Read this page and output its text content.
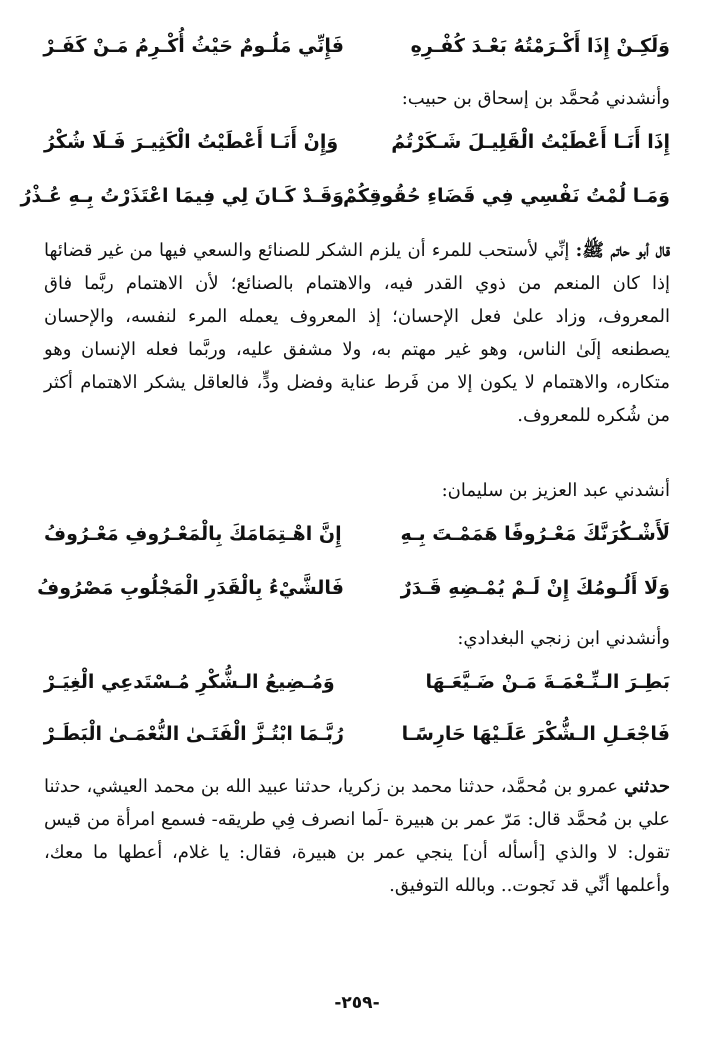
وَلَكِـنْ إِذَا أَكْـرَمْتُهُ بَعْـدَ كُفْـرِهِ
فَإِنِّي مَلُـومٌ حَيْثُ أُكْـرِمُ مَـنْ كَفَـرْ
وأنشدني مُحمَّد بن إسحاق بن حبيب:
إِذَا أَنَـا أَعْطَيْتُ الْقَلِيـلَ شَـكَرْتُمُ
وَإِنْ أَنَـا أَعْطَيْتُ الْكَثِيـرَ فَـلَا شُكْرُ
وَمَـا لُمْتُ نَفْسِي فِي قَضَاءِ حُقُوقِكُمْ
وَقَـدْ كَـانَ لِي فِيمَا اعْتَذَرْتُ بِـهِ عُـذْرُ
قال أبو حاتم ﷺ: إنِّي لأستحب للمرء أن يلزم الشكر للصنائع والسعي فيها من غير قضائها إذا كان المنعم من ذوي القدر فيه، والاهتمام بالصنائع؛ لأن الاهتمام ربَّما فاق المعروف، وزاد علىٰ فعل الإحسان؛ إذ المعروف يعمله المرء لنفسه، والإحسان يصطنعه إلَىٰ الناس، وهو غير مهتم به، ولا مشفق عليه، وربَّما فعله الإنسان وهو متكاره، والاهتمام لا يكون إلا من فَرط عناية وفضل ودٍّ، فالعاقل يشكر الاهتمام أكثر من شُكره للمعروف.
أنشدني عبد العزيز بن سليمان:
لَأَشْـكُرَنَّكَ مَعْـرُوفًا هَمَمْـتَ بِـهِ
إِنَّ اهْـتِمَامَكَ بِالْمَعْـرُوفِ مَعْـرُوفُ
وَلَا أَلُـومُكَ إِنْ لَـمْ يُمْـضِهِ قَـدَرٌ
فَالشَّيْءُ بِالْقَدَرِ الْمَجْلُوبِ مَصْرُوفُ
وأنشدني ابن زنجي البغدادي:
بَطِـرَ الـنِّـعْمَـةَ مَـنْ ضَـيَّعَـهَا
وَمُـضِيعُ الـشُّكْرِ مُـسْتَدعِي الْغِيَـرْ
فَاجْعَـلِ الـشُّكْرَ عَلَـيْهَا حَارِسًـا
رُبَّـمَا ابْتُـزَّ الْفَتَـىٰ النُّعْمَـىٰ الْبَطَـرْ
حدثني عمرو بن مُحمَّد، حدثنا محمد بن زكريا، حدثنا عبيد الله بن محمد العيشي، حدثنا علي بن مُحمَّد قال: مَرّ عمر بن هبيرة -لَما انصرف فِي طريقه- فسمع امرأة من قيس تقول: لا والذي [أسأله أن] ينجي عمر بن هبيرة، فقال: يا غلام، أعطها ما معك، وأعلمها أنِّي قد نَجوت.. وبالله التوفيق.
-٢٥٩-
